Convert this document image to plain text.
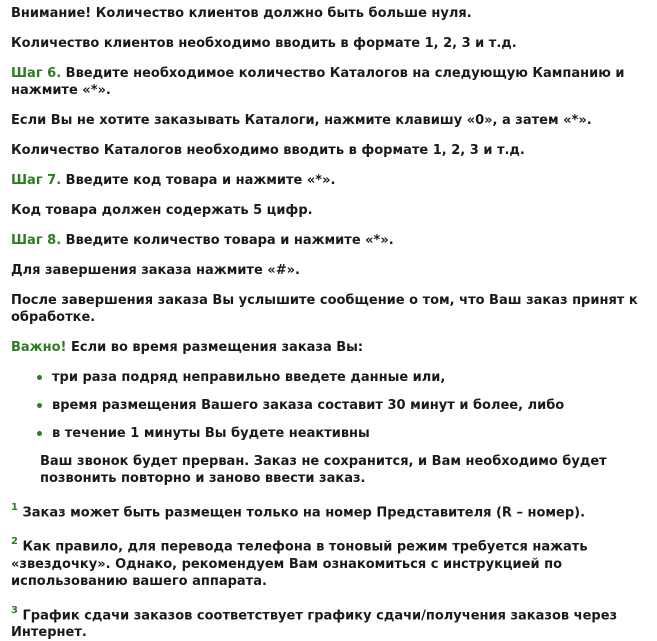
Внимание! Количество клиентов должно быть больше нуля.

Количество клиентов необходимо вводить в формате 1, 2, 3 и т.д.

Шаг 6. Введите необходимое количество Каталогов на следующую Кампанию и нажмите «*».

Если Вы не хотите заказывать Каталоги, нажмите клавишу «0», а затем «*».

Количество Каталогов необходимо вводить в формате 1, 2, 3 и т.д.

Шаг 7. Введите код товара и нажмите «*».

Код товара должен содержать 5 цифр.

Шаг 8. Введите количество товара и нажмите «*».

Для завершения заказа нажмите «#».

После завершения заказа Вы услышите сообщение о том, что Ваш заказ принят к обработке.

Важно! Если во время размещения заказа Вы:

три раза подряд неправильно введете данные или,
время размещения Вашего заказа составит 30 минут и более, либо
в течение 1 минуты Вы будете неактивны

Ваш звонок будет прерван. Заказ не сохранится, и Вам необходимо будет позвонить повторно и заново ввести заказ.

$^1$ Заказ может быть размещен только на номер Представителя (R – номер).

$^2$ Как правило, для перевода телефона в тоновый режим требуется нажать «звездочку». Однако, рекомендуем Вам ознакомиться с инструкцией по использованию вашего аппарата.

$^3$ График сдачи заказов соответствует графику сдачи/получения заказов через Интернет.
